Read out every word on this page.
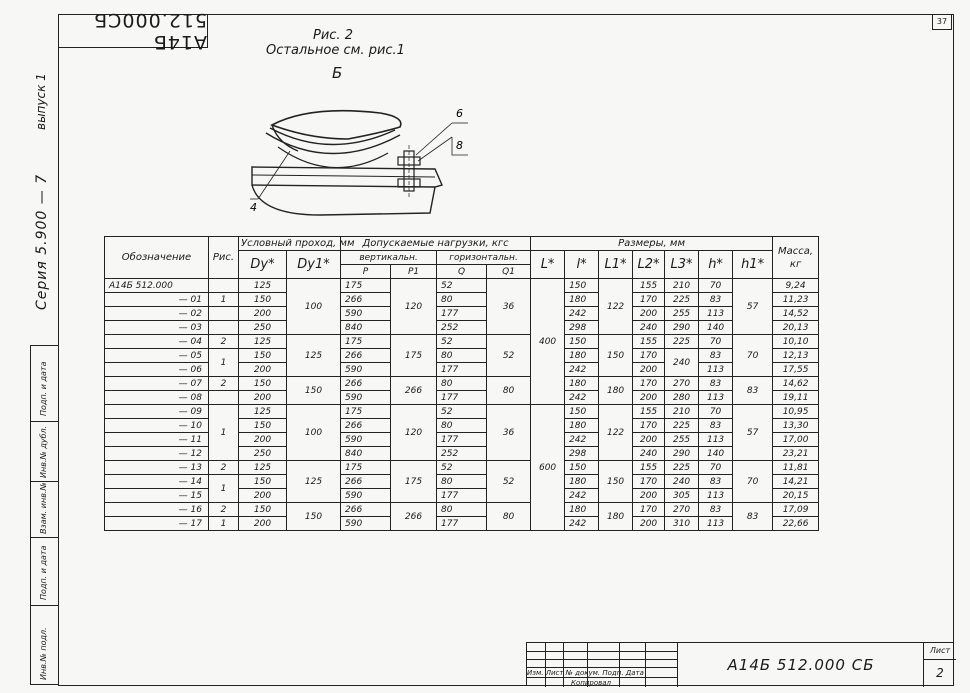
А14Б 512.000СБ	37
Серия 5.900 — 7
выпуск 1
Подп. и дата
Инв.№ дубл.
Взам. инв.№
Подп. и дата
Инв.№ подл.
Рис. 2
Остальное см. рис.1
Б
6
8
4
Обозначение	Рис.	Условный проход, мм		Допускаемые нагрузки, кгс				Размеры, мм							Масса, кг
		Dу*	Dу1*	вертикальн.		горизонтальн.		L*	l*	L1*	L2*	L3*	h*	h1*	
				P	P1	Q	Q1								
А14Б 512.000		125	100	175	120	52	36	400	150	122	155	210	70	57	9,24
— 01	1	150		266		80			180		170	225	83		11,23
— 02		200		590		177			242		200	255	113		14,52
— 03		250		840		252			298		240	290	140		20,13
— 04	2	125	125	175	175	52	52		150	150	155	225	70	70	10,10
— 05	1	150		266		80			180		170	240	83		12,13
— 06		200		590		177			242		200		113		17,55
— 07	2	150	150	266	266	80	80		180	180	170	270	83	83	14,62
— 08		200		590		177			242		200	280	113		19,11
— 09	1	125	100	175	120	52	36	600	150	122	155	210	70	57	10,95
— 10		150		266		80			180		170	225	83		13,30
— 11		200		590		177			242		200	255	113		17,00
— 12		250		840		252			298		240	290	140		23,21
— 13	2	125	125	175	175	52	52		150	150	155	225	70	70	11,81
— 14	1	150		266		80			180		170	240	83		14,21
— 15		200		590		177			242		200	305	113		20,15
— 16	2	150	150	266	266	80	80		180	180	170	270	83	83	17,09
— 17	1	200		590		177			242		200	310	113		22,66
Изм. Лист № докум. Подп. Дата
Копировал
А14Б 512.000 СБ
Лист
2
